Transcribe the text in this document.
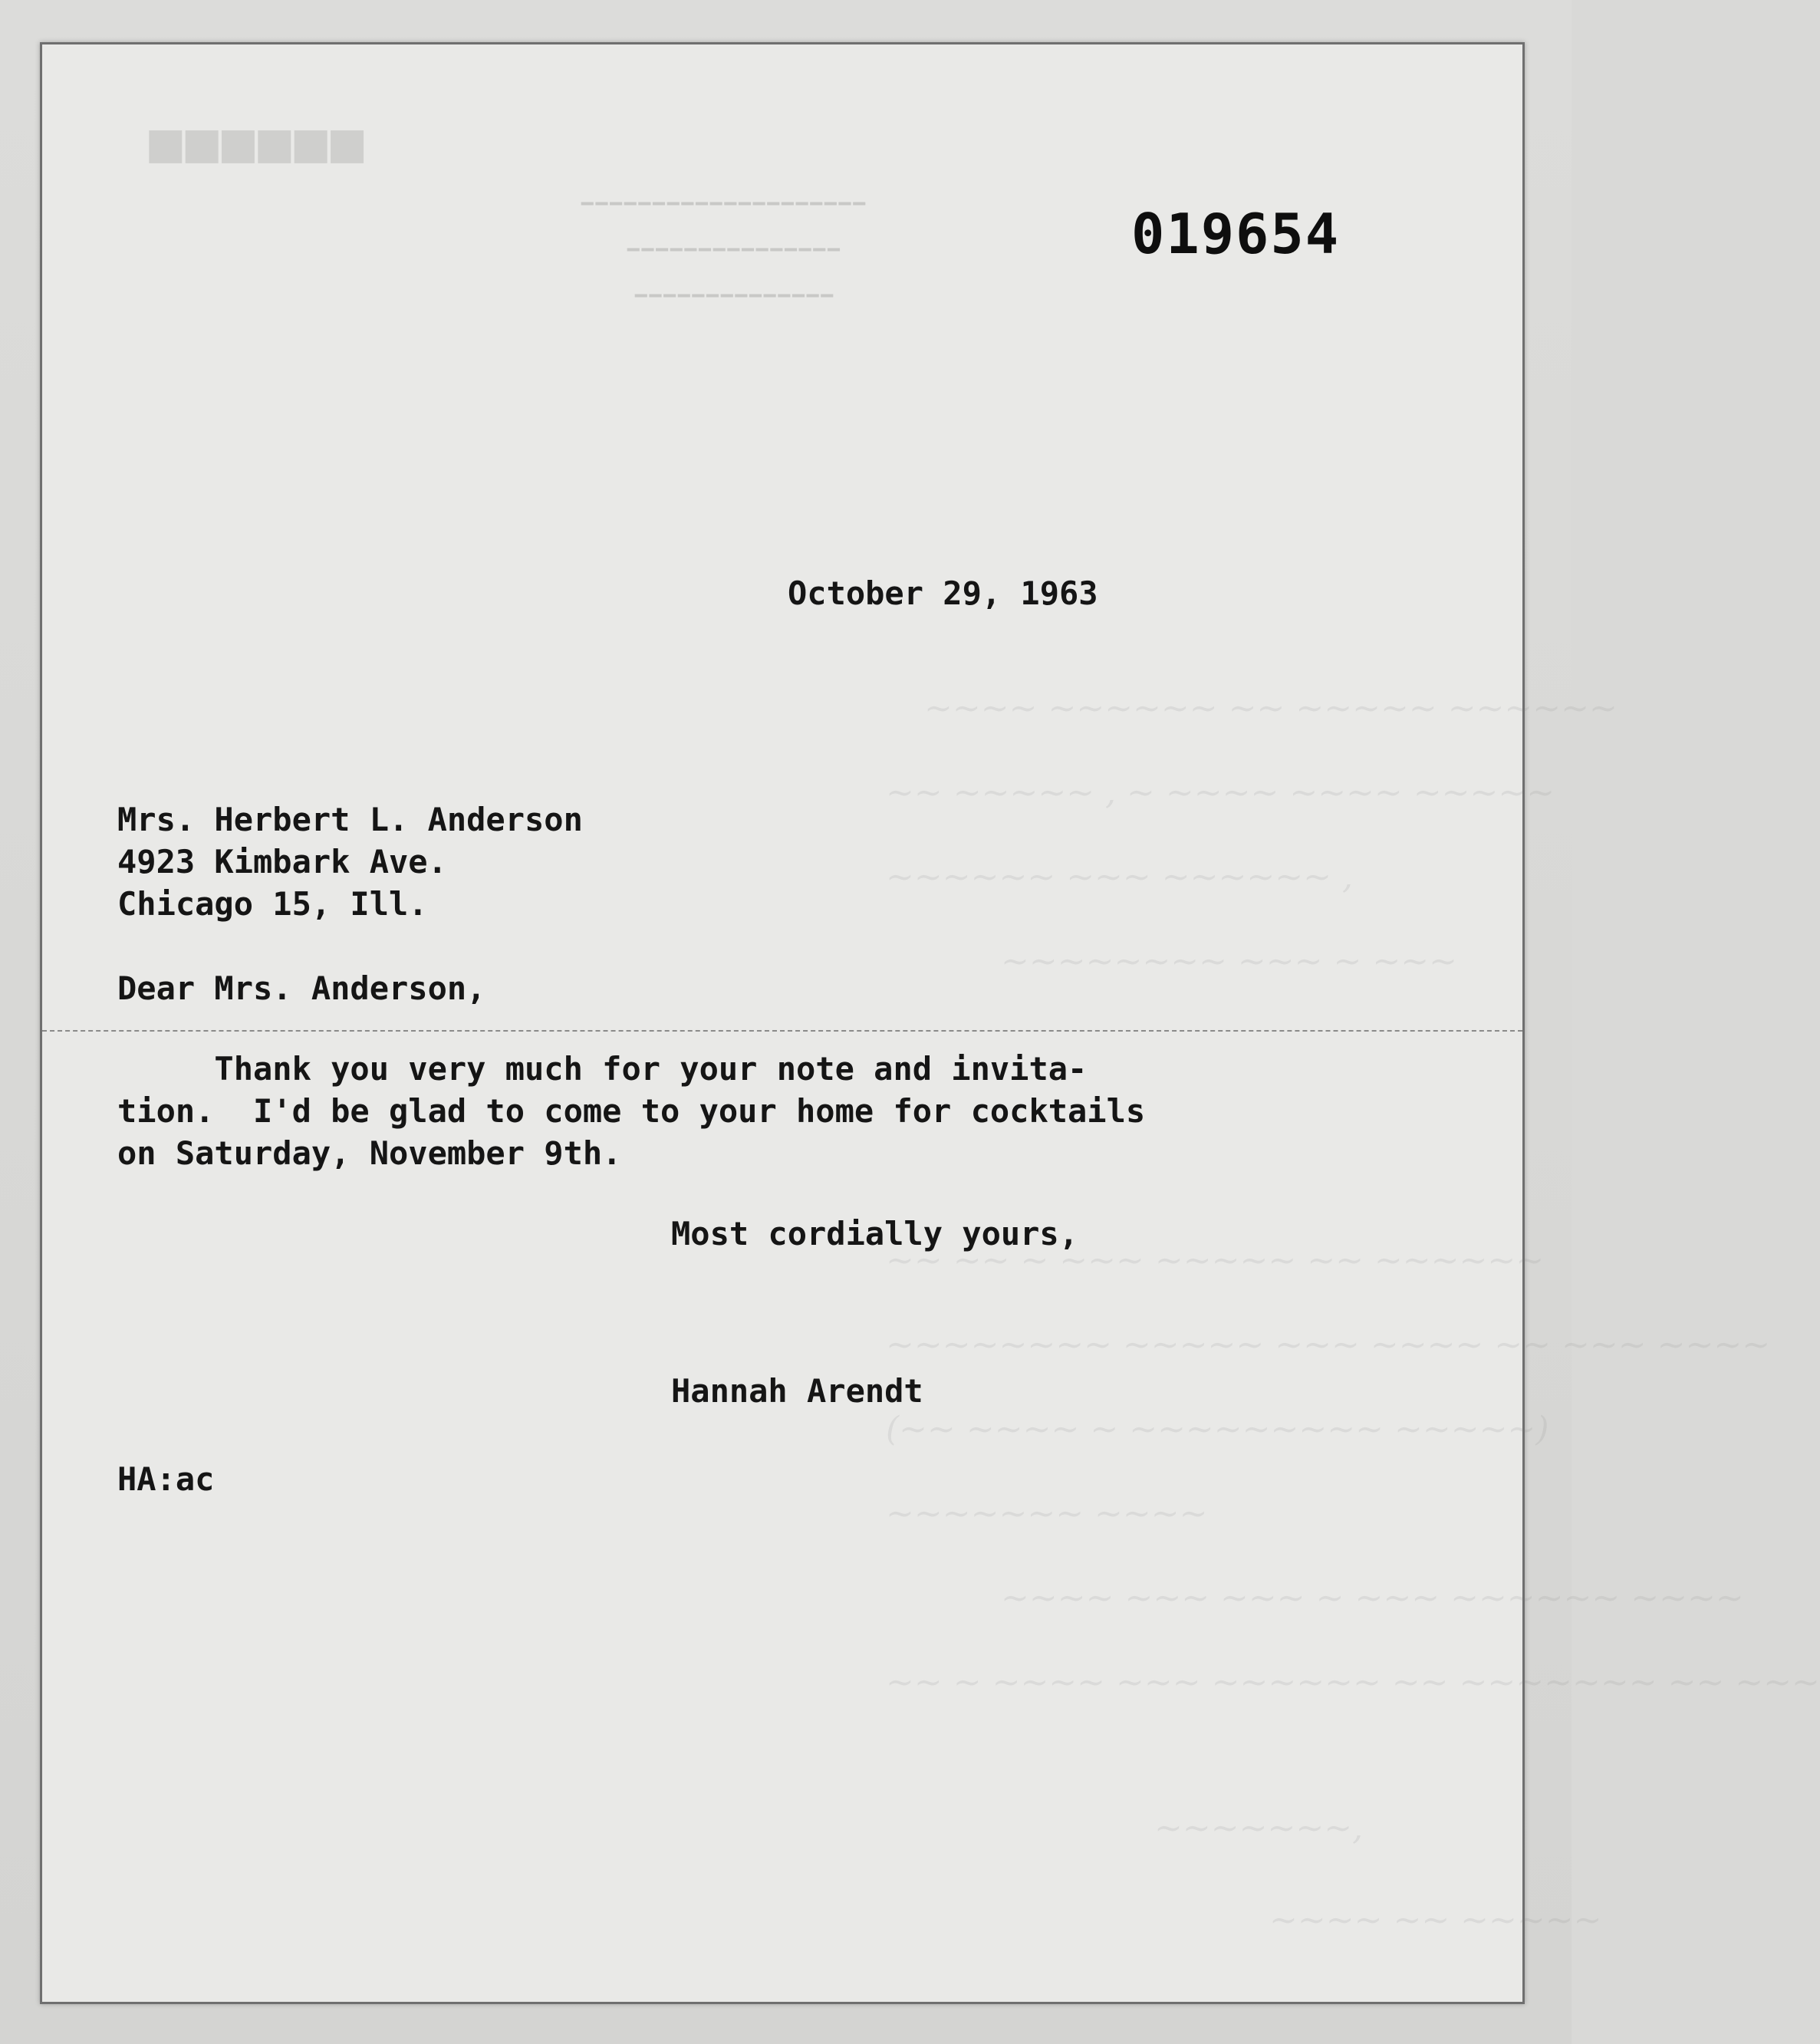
■■■■■■
▁▁▁▁▁▁▁▁▁▁▁▁▁▁▁▁▁▁▁▁
▁▁▁▁▁▁▁▁▁▁▁▁▁▁▁
▁▁▁▁▁▁▁▁▁▁▁▁▁▁
~~~~ ~~~~~~ ~~ ~~~~~ ~~~~~~
~~ ~~~~~ , ~ ~~~~ ~~~~ ~~~~~
~~~~~~ ~~~ ~~~~~~ ,
~~~~~~~~ ~~~ ~ ~~~
~~ ~~ ~ ~~~ ~~~~~ ~~ ~~~~~~
~~~~~~~~ ~~~~~ ~~~ ~~~~ ~~ ~~~ ~~~~
(~~ ~~~~ ~ ~~~~~~~~~ ~~~~~)
~~~~~~~ ~~~~
~~~~ ~~~ ~~~ ~ ~~~ ~~~~~~ ~~~~
~~ ~ ~~~~ ~~~ ~~~~~~ ~~ ~~~~~~~ ~~ ~~~
~~~~~~~,
~~~~ ~~ ~~~~~
019654
October 29, 1963
Mrs. Herbert L. Anderson
4923 Kimbark Ave.
Chicago 15, Ill.
Dear Mrs. Anderson,
Thank you very much for your note and invita-
tion.  I'd be glad to come to your home for cocktails
on Saturday, November 9th.
Most cordially yours,
Hannah Arendt
HA:ac
